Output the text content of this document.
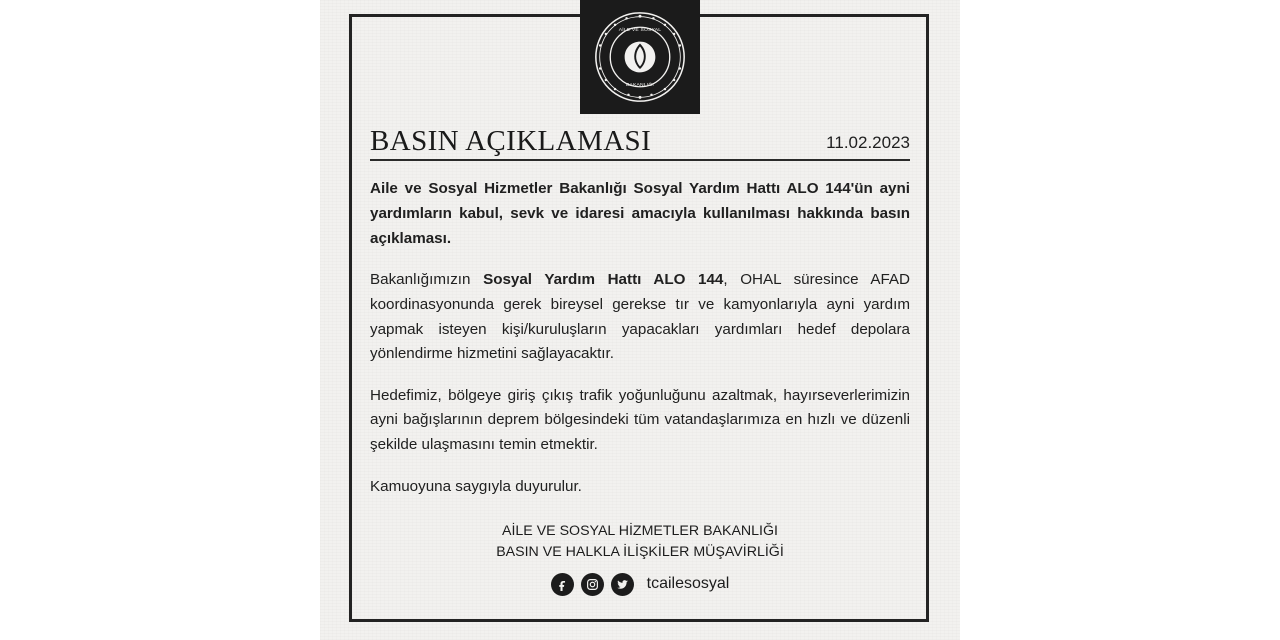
AİLE VE SOSYAL
BAKANLIĞI
BASIN AÇIKLAMASI	11.02.2023

Aile ve Sosyal Hizmetler Bakanlığı Sosyal Yardım Hattı ALO 144'ün ayni yardımların kabul, sevk ve idaresi amacıyla kullanılması hakkında basın açıklaması.

Bakanlığımızın Sosyal Yardım Hattı ALO 144, OHAL süresince AFAD koordinasyonunda gerek bireysel gerekse tır ve kamyonlarıyla ayni yardım yapmak isteyen kişi/kuruluşların yapacakları yardımları hedef depolara yönlendirme hizmetini sağlayacaktır.

Hedefimiz, bölgeye giriş çıkış trafik yoğunluğunu azaltmak, hayırseverlerimizin ayni bağışlarının deprem bölgesindeki tüm vatandaşlarımıza en hızlı ve düzenli şekilde ulaşmasını temin etmektir.

Kamuoyuna saygıyla duyurulur.

AİLE VE SOSYAL HİZMETLER BAKANLIĞI
BASIN VE HALKLA İLİŞKİLER MÜŞAVİRLİĞİ
tcailesosyal
